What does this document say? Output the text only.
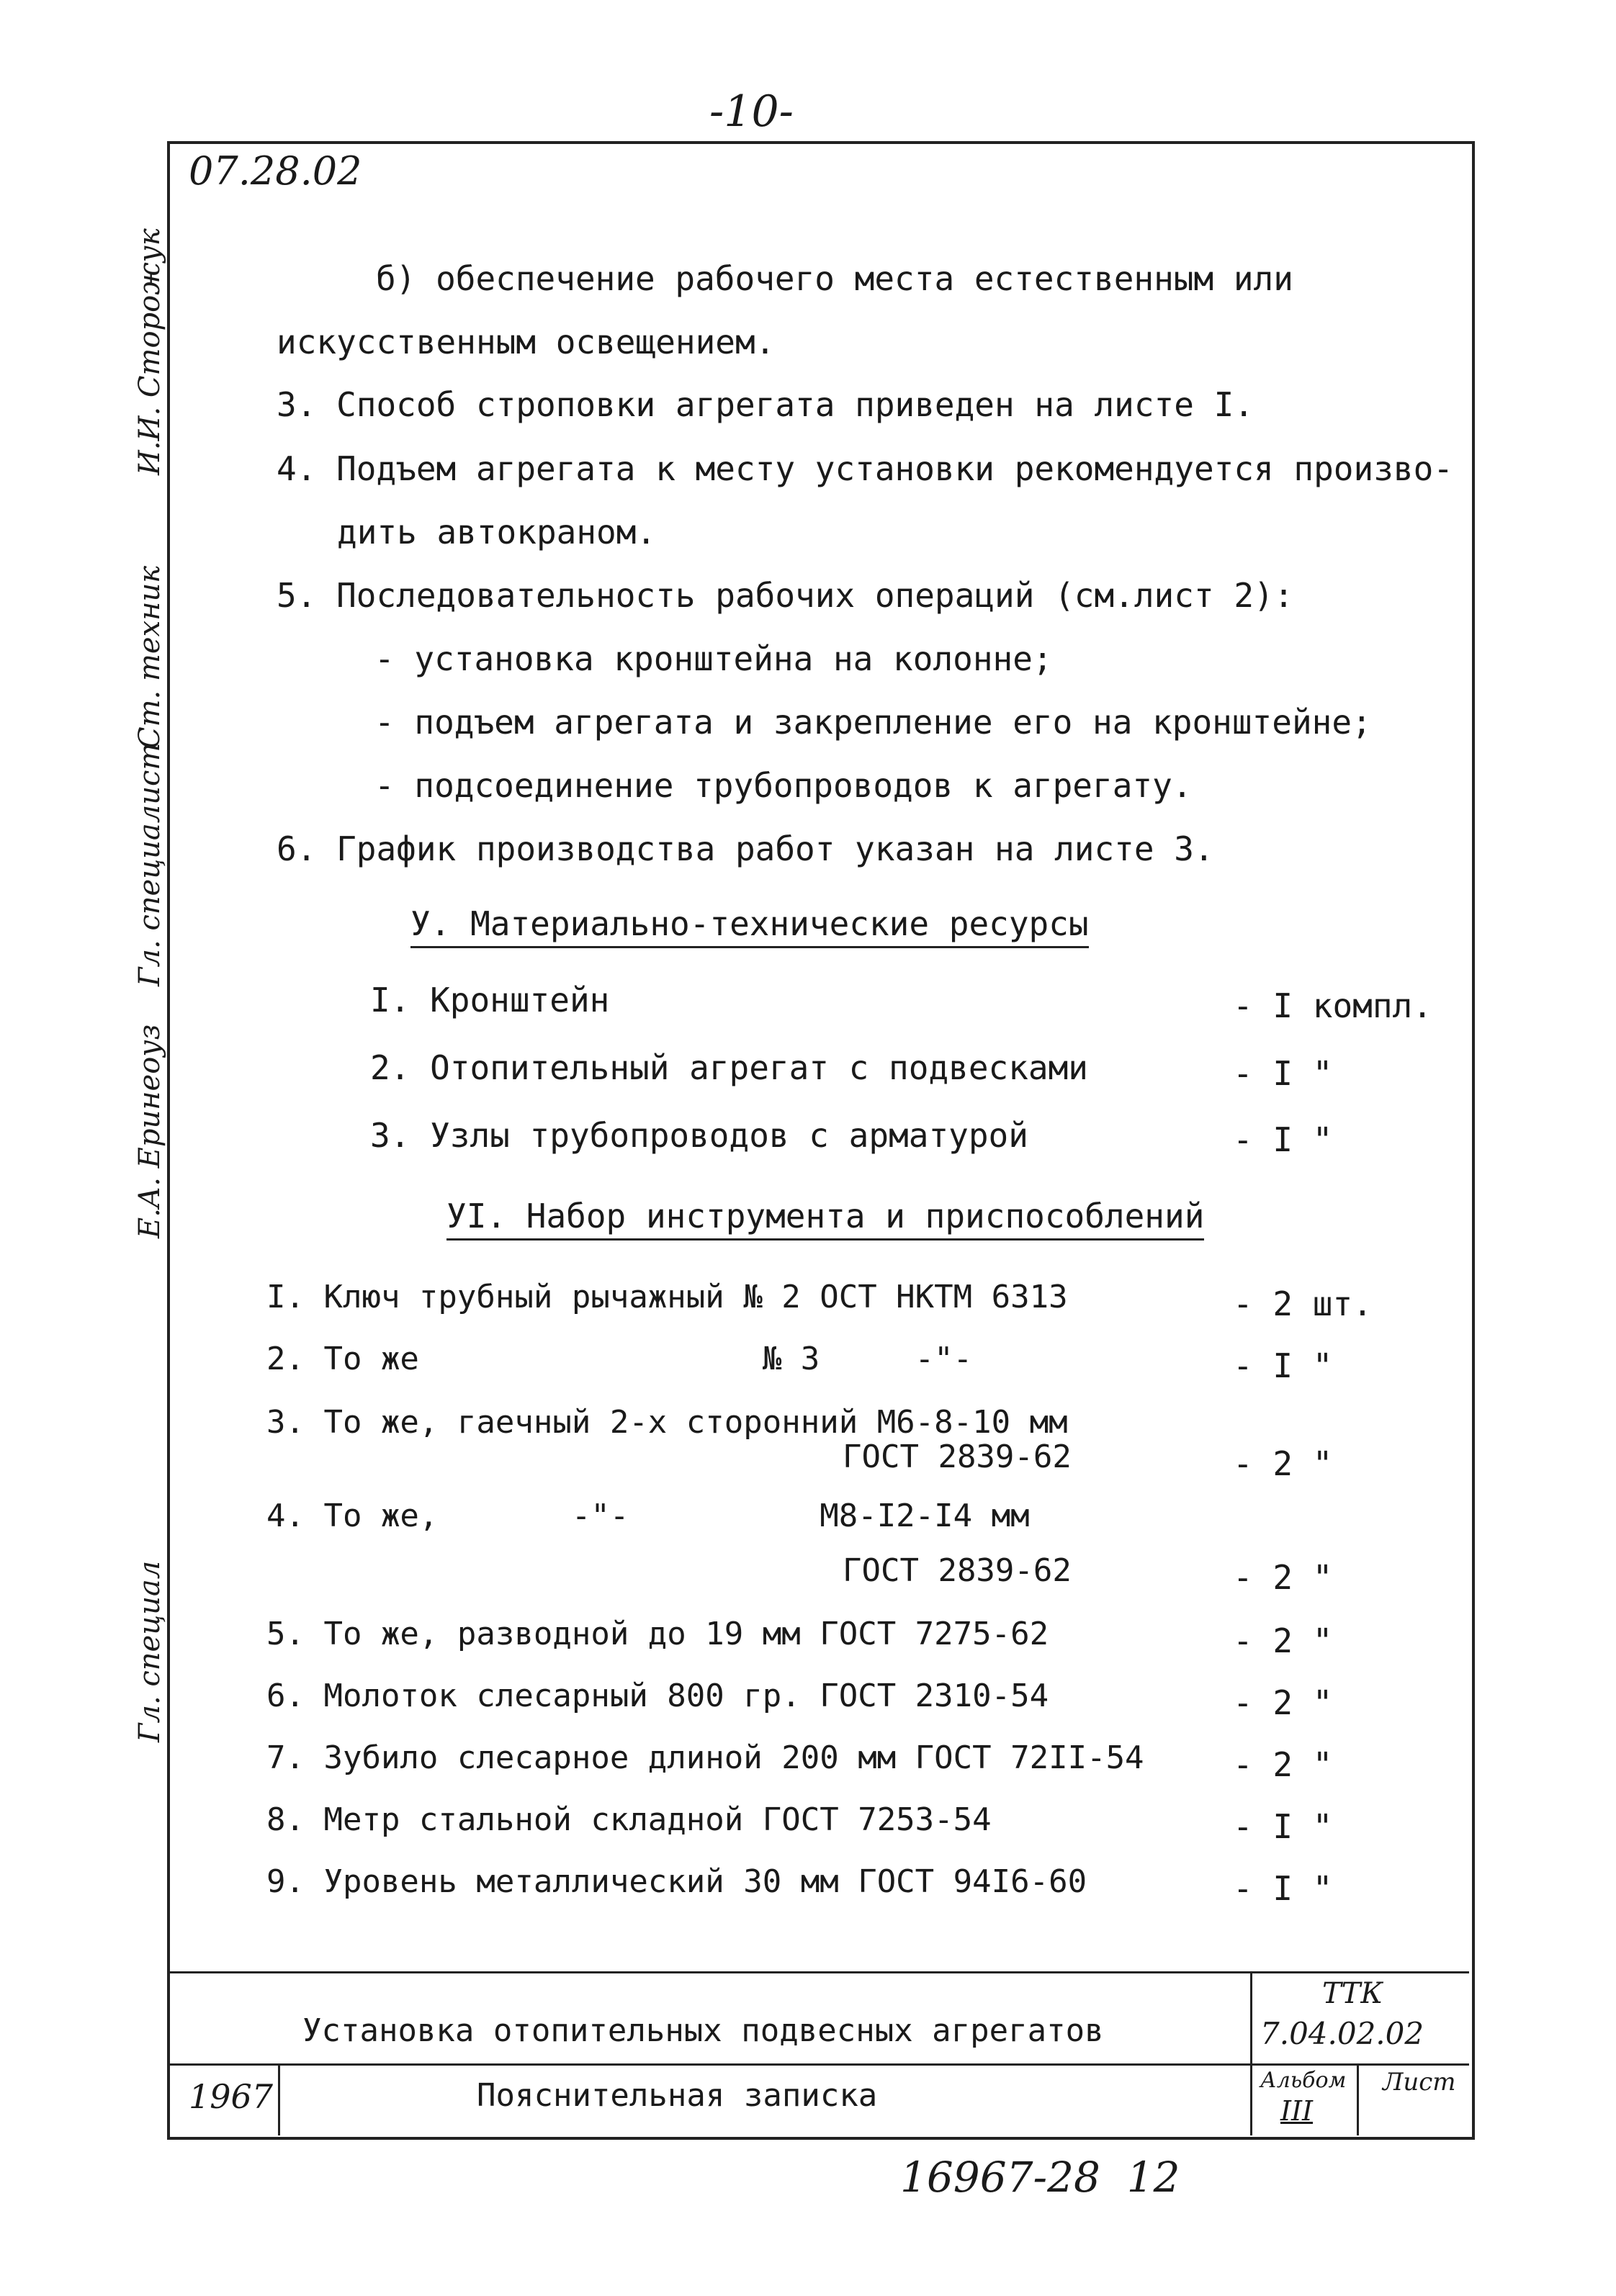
-10-
И.И. Сторожук
Гл. специалист
Ст. техник
Е.А. Еринеоуз
Гл. специал
07.28.02
б) обеспечение рабочего места естественным или
искусственным освещением.
3. Способ строповки агрегата приведен на листе I.
4. Подъем агрегата к месту установки рекомендуется произво-
дить автокраном.
5. Последовательность рабочих операций (см.лист 2):
- установка кронштейна на колонне;
- подъем агрегата и закрепление его на кронштейне;
- подсоединение трубопроводов к агрегату.
6. График производства работ указан на листе 3.
У. Материально-технические ресурсы
I. Кронштейн	- I компл.
2. Отопительный агрегат с подвесками	- I "
3. Узлы трубопроводов с арматурой	- I "
УI. Набор инструмента и приспособлений
I. Ключ трубный рычажный № 2 ОСТ НКТМ 6313	- 2 шт.
2. То же                  № 3     -"-	- I "
3. То же, гаечный 2-х сторонний М6-8-10 мм
ГОСТ 2839-62	- 2 "
4. То же,       -"-          М8-I2-I4 мм
ГОСТ 2839-62	- 2 "
5. То же, разводной до 19 мм ГОСТ 7275-62	- 2 "
6. Молоток слесарный 800 гр. ГОСТ 2310-54	- 2 "
7. Зубило слесарное длиной 200 мм ГОСТ 72II-54	- 2 "
8. Метр стальной складной ГОСТ 7253-54	- I "
9. Уровень металлический 30 мм ГОСТ 94I6-60	- I "
Установка отопительных подвесных агрегатов
Пояснительная записка
1967
ТТК
7.04.02.02
Альбом
III
Лист
16967-28  12
